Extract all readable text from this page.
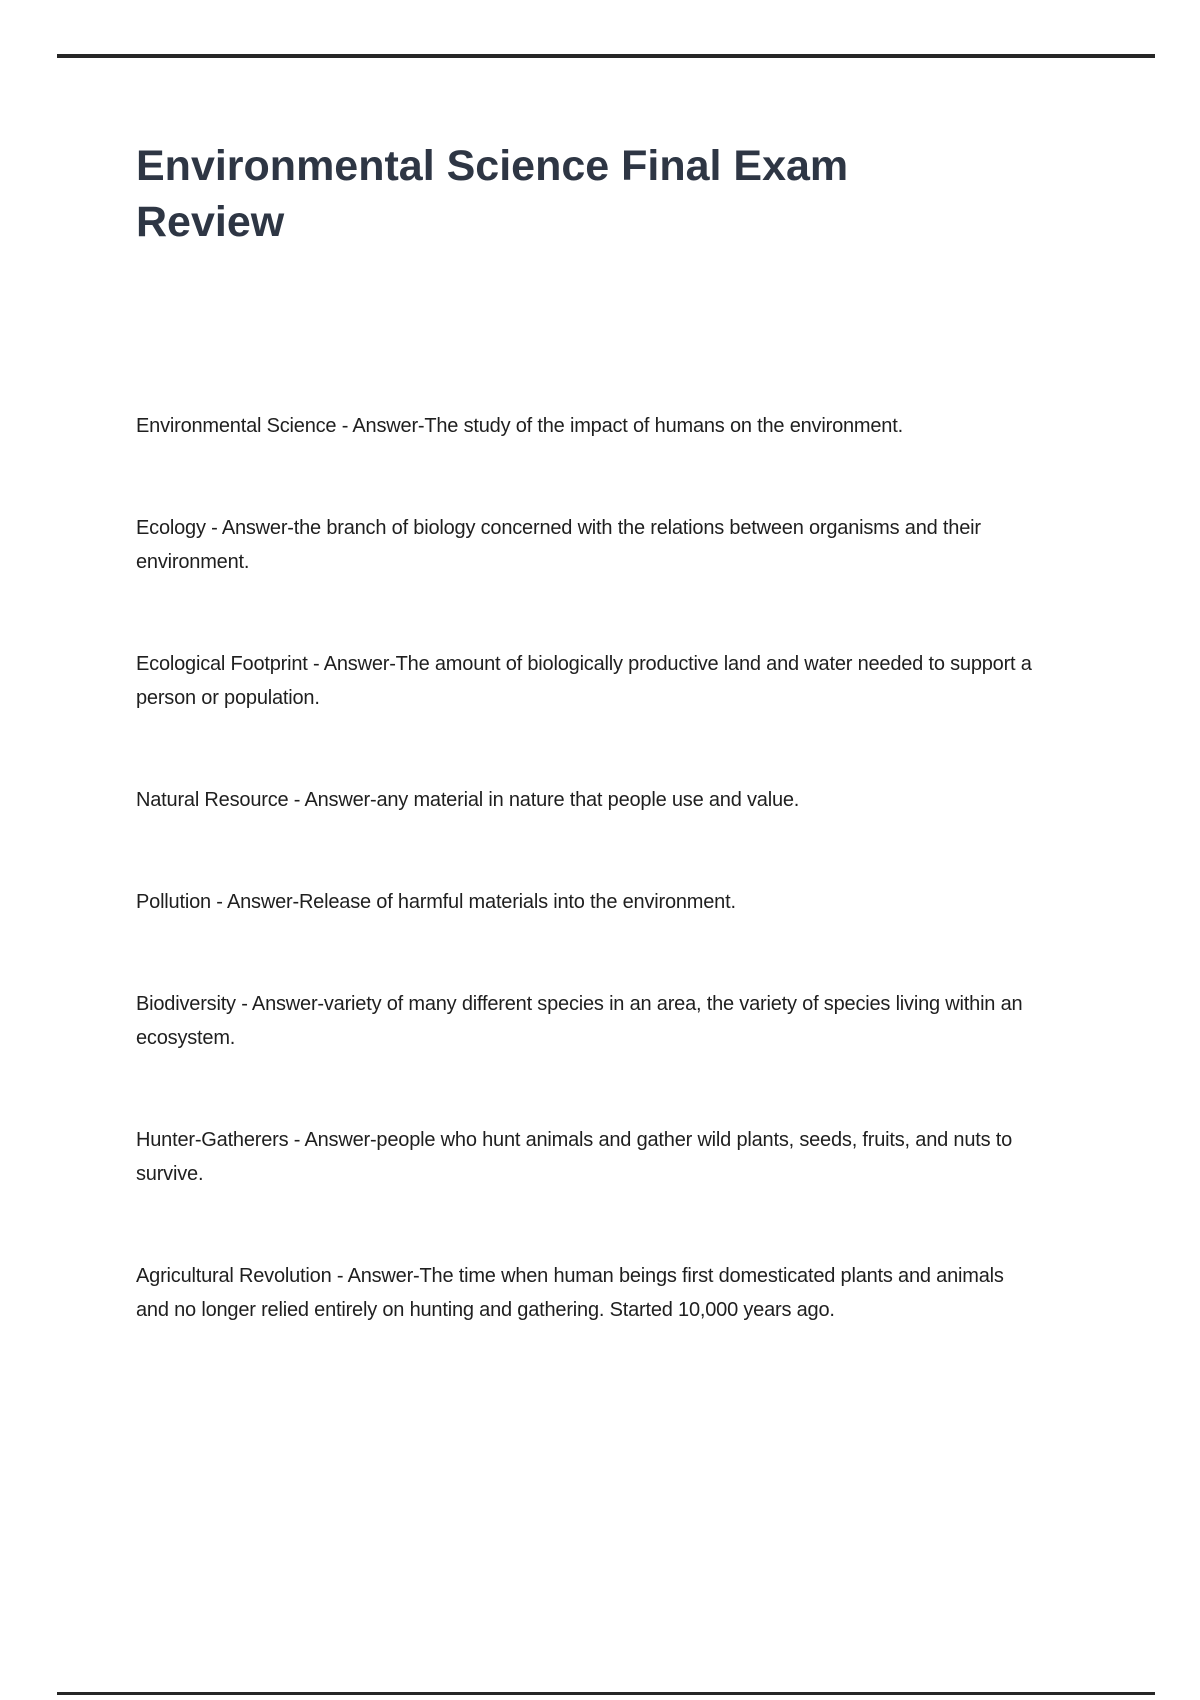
Environmental Science Final Exam
Review

Environmental Science - Answer-The study of the impact of humans on the environment.

Ecology - Answer-the branch of biology concerned with the relations between organisms and their
environment.

Ecological Footprint - Answer-The amount of biologically productive land and water needed to support a
person or population.

Natural Resource - Answer-any material in nature that people use and value.

Pollution - Answer-Release of harmful materials into the environment.

Biodiversity - Answer-variety of many different species in an area, the variety of species living within an
ecosystem.

Hunter-Gatherers - Answer-people who hunt animals and gather wild plants, seeds, fruits, and nuts to
survive.

Agricultural Revolution - Answer-The time when human beings first domesticated plants and animals
and no longer relied entirely on hunting and gathering. Started 10,000 years ago.
